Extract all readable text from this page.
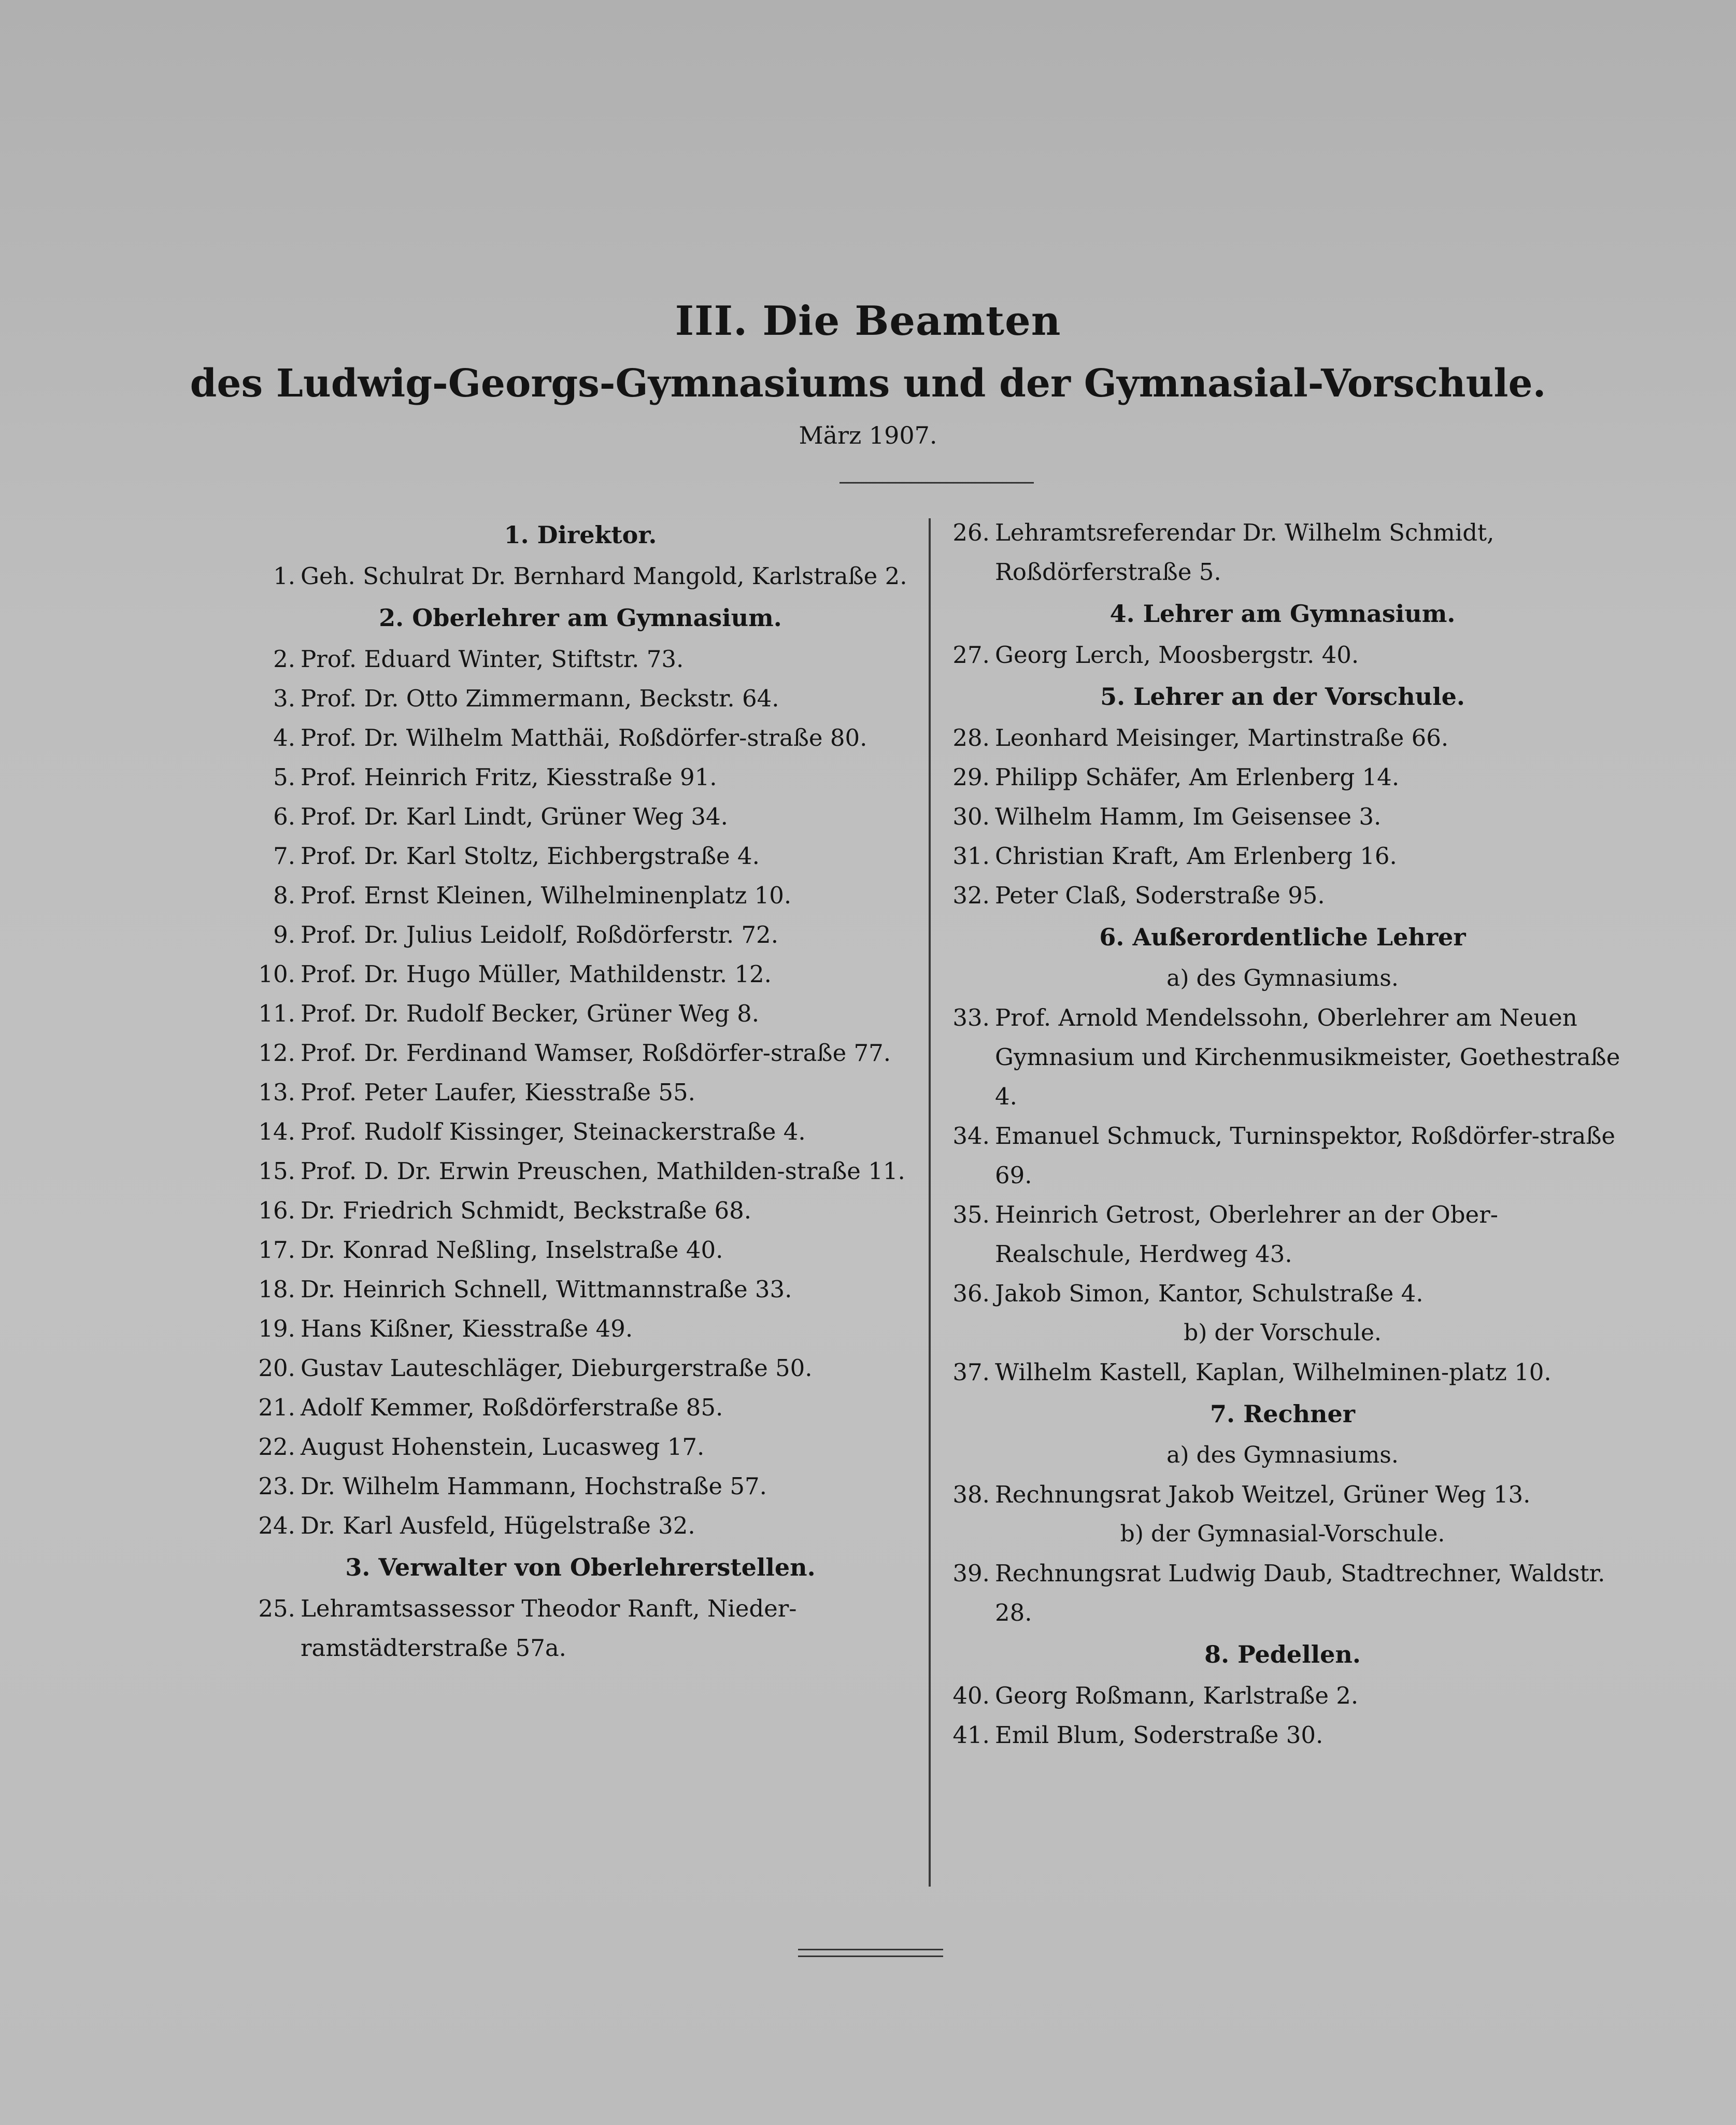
III. Die Beamten
des Ludwig-Georgs-Gymnasiums und der Gymnasial-Vorschule.
März 1907.
1. Direktor.
1. Geh. Schulrat Dr. Bernhard Mangold, Karlstraße 2.
2. Oberlehrer am Gymnasium.
2. Prof. Eduard Winter, Stiftstr. 73.
3. Prof. Dr. Otto Zimmermann, Beckstr. 64.
4. Prof. Dr. Wilhelm Matthäi, Roßdörfer-straße 80.
5. Prof. Heinrich Fritz, Kiesstraße 91.
6. Prof. Dr. Karl Lindt, Grüner Weg 34.
7. Prof. Dr. Karl Stoltz, Eichbergstraße 4.
8. Prof. Ernst Kleinen, Wilhelminenplatz 10.
9. Prof. Dr. Julius Leidolf, Roßdörferstr. 72.
10. Prof. Dr. Hugo Müller, Mathildenstr. 12.
11. Prof. Dr. Rudolf Becker, Grüner Weg 8.
12. Prof. Dr. Ferdinand Wamser, Roßdörfer-straße 77.
13. Prof. Peter Laufer, Kiesstraße 55.
14. Prof. Rudolf Kissinger, Steinackerstraße 4.
15. Prof. D. Dr. Erwin Preuschen, Mathilden-straße 11.
16. Dr. Friedrich Schmidt, Beckstraße 68.
17. Dr. Konrad Neßling, Inselstraße 40.
18. Dr. Heinrich Schnell, Wittmannstraße 33.
19. Hans Kißner, Kiesstraße 49.
20. Gustav Lauteschläger, Dieburgerstraße 50.
21. Adolf Kemmer, Roßdörferstraße 85.
22. August Hohenstein, Lucasweg 17.
23. Dr. Wilhelm Hammann, Hochstraße 57.
24. Dr. Karl Ausfeld, Hügelstraße 32.
3. Verwalter von Oberlehrerstellen.
25. Lehramtsassessor Theodor Ranft, Nieder-ramstädterstraße 57a.
26. Lehramtsreferendar Dr. Wilhelm Schmidt, Roßdörferstraße 5.
4. Lehrer am Gymnasium.
27. Georg Lerch, Moosbergstr. 40.
5. Lehrer an der Vorschule.
28. Leonhard Meisinger, Martinstraße 66.
29. Philipp Schäfer, Am Erlenberg 14.
30. Wilhelm Hamm, Im Geisensee 3.
31. Christian Kraft, Am Erlenberg 16.
32. Peter Claß, Soderstraße 95.
6. Außerordentliche Lehrer
a) des Gymnasiums.
33. Prof. Arnold Mendelssohn, Oberlehrer am Neuen Gymnasium und Kirchenmusikmeister, Goethestraße 4.
34. Emanuel Schmuck, Turninspektor, Roßdörfer-straße 69.
35. Heinrich Getrost, Oberlehrer an der Ober-Realschule, Herdweg 43.
36. Jakob Simon, Kantor, Schulstraße 4.
b) der Vorschule.
37. Wilhelm Kastell, Kaplan, Wilhelminen-platz 10.
7. Rechner
a) des Gymnasiums.
38. Rechnungsrat Jakob Weitzel, Grüner Weg 13.
b) der Gymnasial-Vorschule.
39. Rechnungsrat Ludwig Daub, Stadtrechner, Waldstr. 28.
8. Pedellen.
40. Georg Roßmann, Karlstraße 2.
41. Emil Blum, Soderstraße 30.
